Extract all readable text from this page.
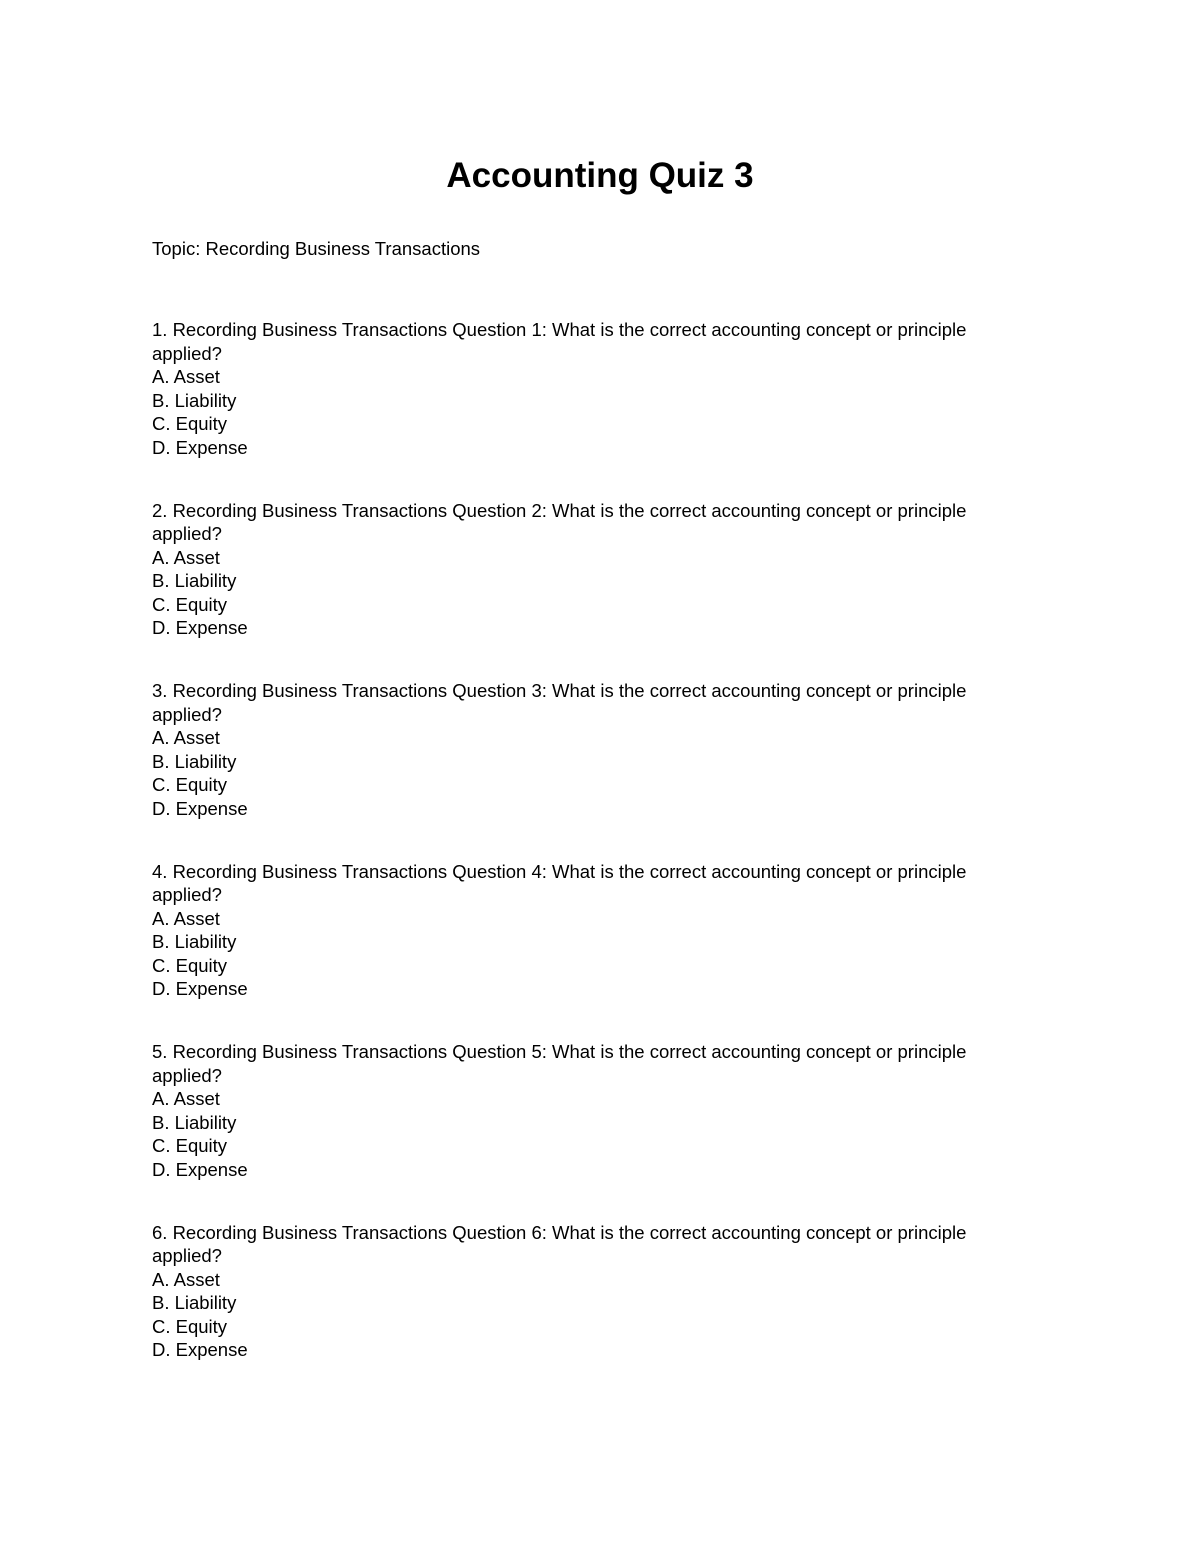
Accounting Quiz 3

Topic: Recording Business Transactions

1. Recording Business Transactions Question 1: What is the correct accounting concept or principle applied?

A. Asset
B. Liability
C. Equity
D. Expense

2. Recording Business Transactions Question 2: What is the correct accounting concept or principle applied?

A. Asset
B. Liability
C. Equity
D. Expense

3. Recording Business Transactions Question 3: What is the correct accounting concept or principle applied?

A. Asset
B. Liability
C. Equity
D. Expense

4. Recording Business Transactions Question 4: What is the correct accounting concept or principle applied?

A. Asset
B. Liability
C. Equity
D. Expense

5. Recording Business Transactions Question 5: What is the correct accounting concept or principle applied?

A. Asset
B. Liability
C. Equity
D. Expense

6. Recording Business Transactions Question 6: What is the correct accounting concept or principle applied?

A. Asset
B. Liability
C. Equity
D. Expense
